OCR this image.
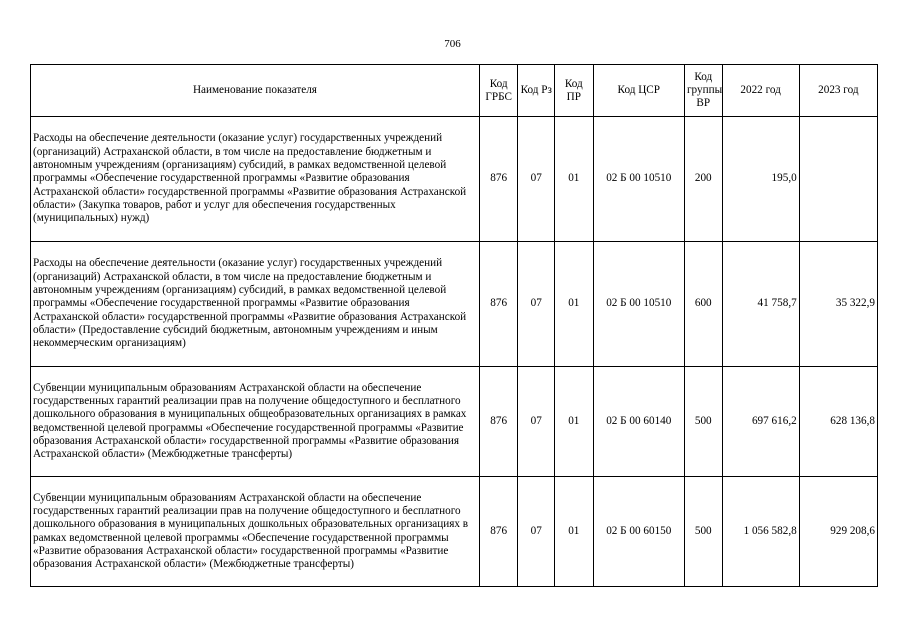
706
Наименование показателя	Код ГРБС	Код Рз	Код ПР	Код ЦСР	Код группы ВР	2022 год	2023 год
Расходы на обеспечение деятельности (оказание услуг) государственных учреждений (организаций) Астраханской области, в том числе на предоставление бюджетным и автономным учреждениям (организациям) субсидий, в рамках ведомственной целевой программы «Обеспечение государственной программы «Развитие образования Астраханской области» государственной программы «Развитие образования Астраханской области» (Закупка товаров, работ и услуг для обеспечения государственных (муниципальных) нужд)	876	07	01	02 Б 00 10510	200	195,0	
Расходы на обеспечение деятельности (оказание услуг) государственных учреждений (организаций) Астраханской области, в том числе на предоставление бюджетным и автономным учреждениям (организациям) субсидий, в рамках ведомственной целевой программы «Обеспечение государственной программы «Развитие образования Астраханской области» государственной программы «Развитие образования Астраханской области» (Предоставление субсидий бюджетным, автономным учреждениям и иным некоммерческим организациям)	876	07	01	02 Б 00 10510	600	41 758,7	35 322,9
Субвенции муниципальным образованиям Астраханской области на обеспечение государственных гарантий реализации прав на получение общедоступного и бесплатного дошкольного образования в муниципальных общеобразовательных организациях в рамках ведомственной целевой программы «Обеспечение государственной программы «Развитие образования Астраханской области» государственной программы «Развитие образования Астраханской области» (Межбюджетные трансферты)	876	07	01	02 Б 00 60140	500	697 616,2	628 136,8
Субвенции муниципальным образованиям Астраханской области на обеспечение государственных гарантий реализации прав на получение общедоступного и бесплатного дошкольного образования в муниципальных дошкольных образовательных организациях в рамках ведомственной целевой программы «Обеспечение государственной программы «Развитие образования Астраханской области» государственной программы «Развитие образования Астраханской области» (Межбюджетные трансферты)	876	07	01	02 Б 00 60150	500	1 056 582,8	929 208,6
